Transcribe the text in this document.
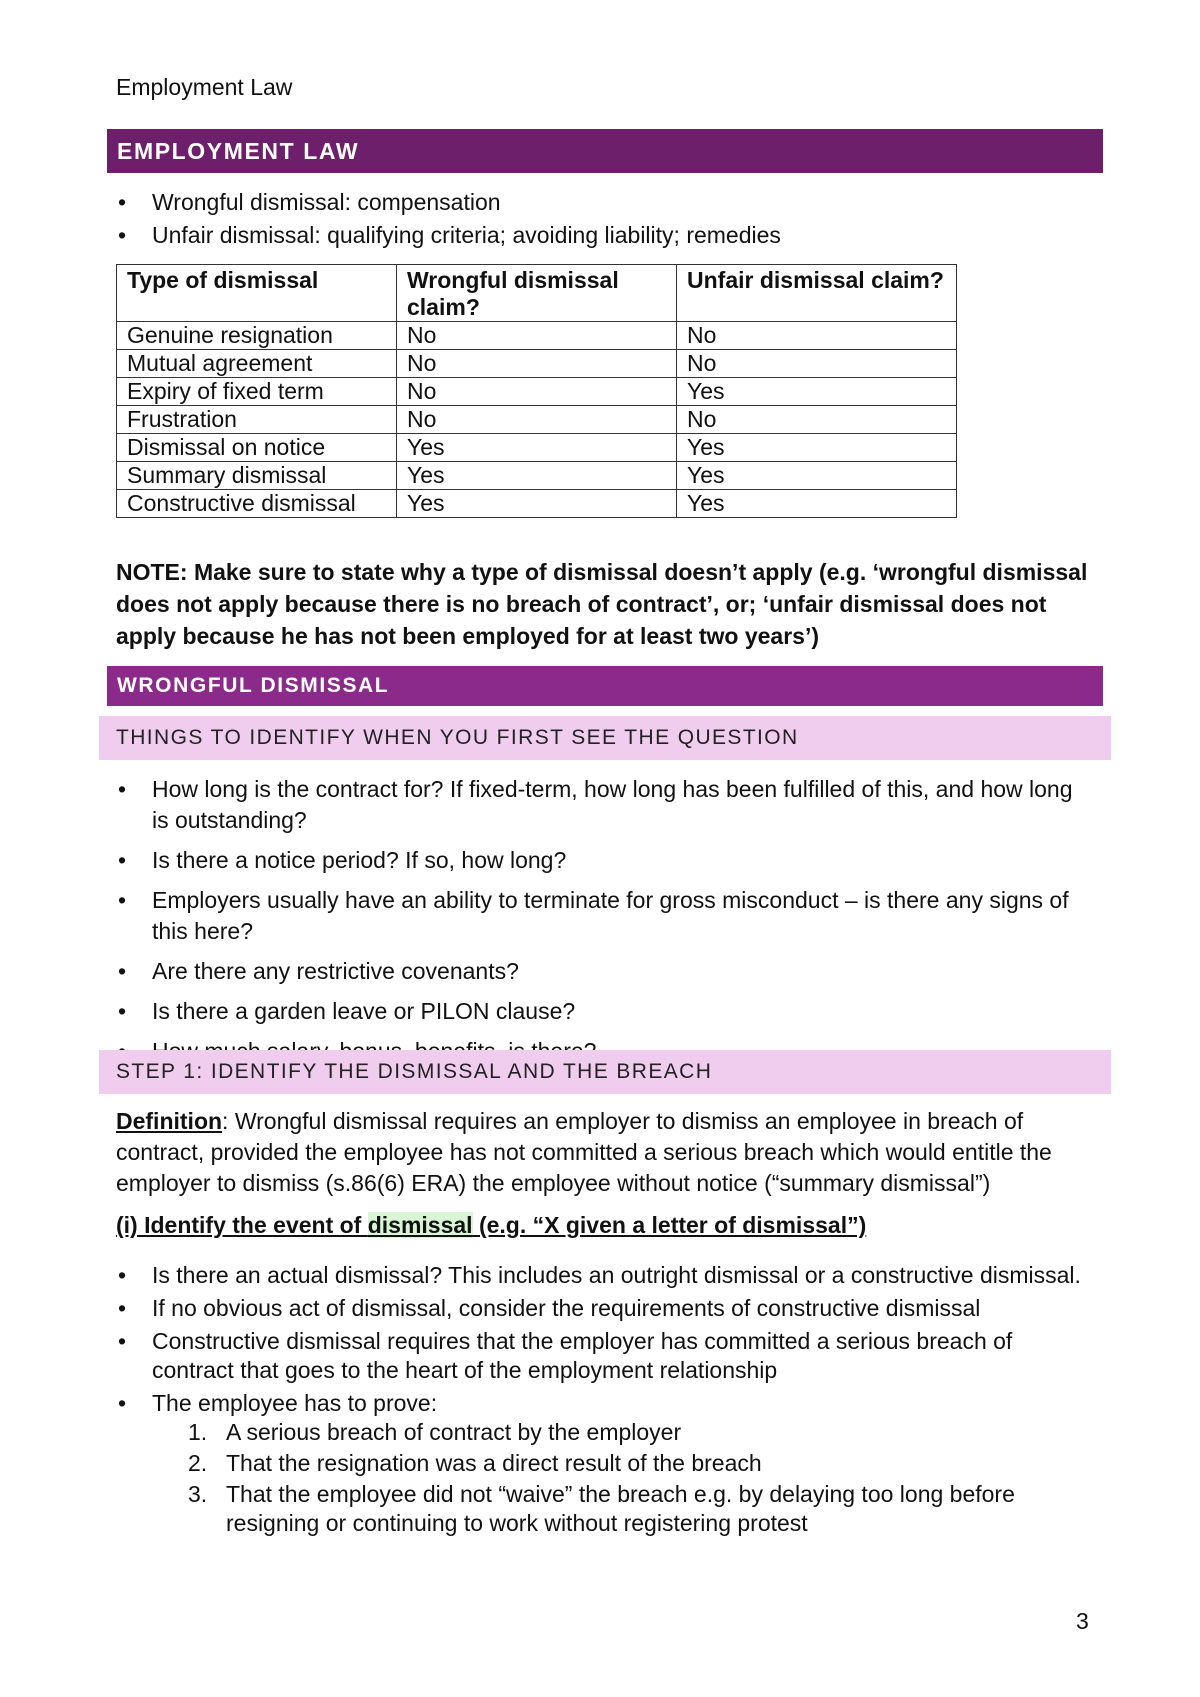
Employment Law
EMPLOYMENT LAW
• Wrongful dismissal: compensation
• Unfair dismissal: qualifying criteria; avoiding liability; remedies
Type of dismissal	Wrongful dismissal claim?	Unfair dismissal claim?
Genuine resignation	No	No
Mutual agreement	No	No
Expiry of fixed term	No	Yes
Frustration	No	No
Dismissal on notice	Yes	Yes
Summary dismissal	Yes	Yes
Constructive dismissal	Yes	Yes
NOTE: Make sure to state why a type of dismissal doesn’t apply (e.g. ‘wrongful dismissal does not apply because there is no breach of contract’, or; ‘unfair dismissal does not apply because he has not been employed for at least two years’)
WRONGFUL DISMISSAL
THINGS TO IDENTIFY WHEN YOU FIRST SEE THE QUESTION
• How long is the contract for? If fixed-term, how long has been fulfilled of this, and how long is outstanding?
• Is there a notice period? If so, how long?
• Employers usually have an ability to terminate for gross misconduct – is there any signs of this here?
• Are there any restrictive covenants?
• Is there a garden leave or PILON clause?
•
STEP 1: IDENTIFY THE DISMISSAL AND THE BREACH
Definition: Wrongful dismissal requires an employer to dismiss an employee in breach of contract, provided the employee has not committed a serious breach which would entitle the employer to dismiss (s.86(6) ERA) the employee without notice (“summary dismissal”)
(i) Identify the event of dismissal (e.g. “X given a letter of dismissal”)
• Is there an actual dismissal? This includes an outright dismissal or a constructive dismissal.
• If no obvious act of dismissal, consider the requirements of constructive dismissal
• Constructive dismissal requires that the employer has committed a serious breach of contract that goes to the heart of the employment relationship
• The employee has to prove:
1. A serious breach of contract by the employer
2. That the resignation was a direct result of the breach
3. That the employee did not “waive” the breach e.g. by delaying too long before resigning or continuing to work without registering protest
3
